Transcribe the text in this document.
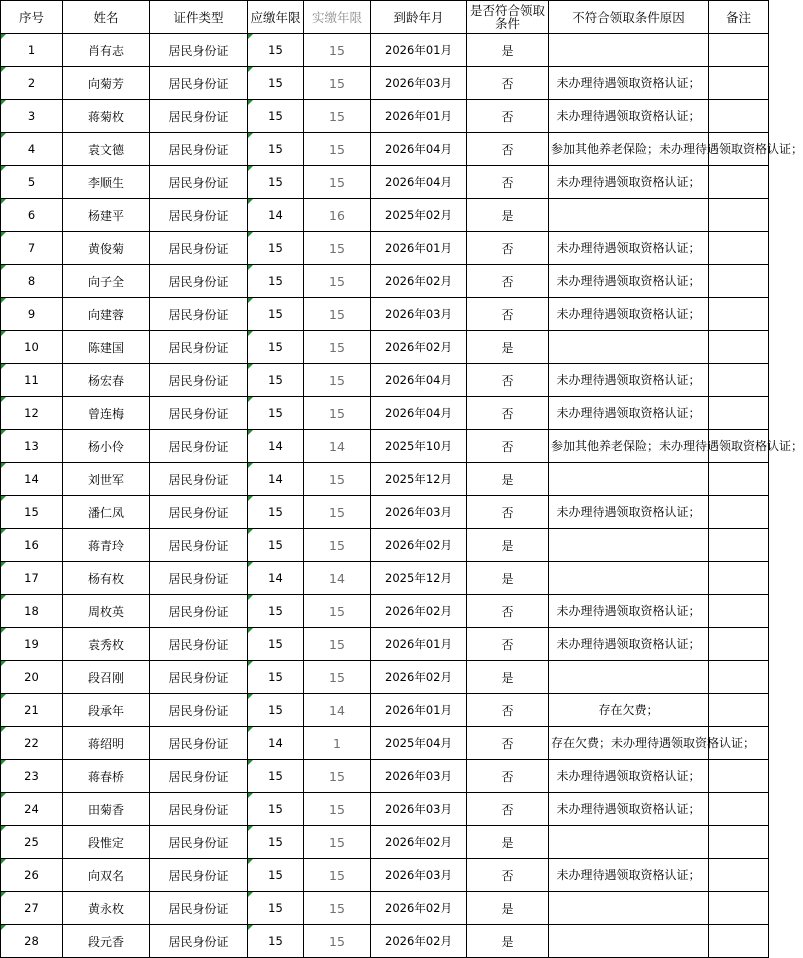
序号	姓名	证件类型	应缴年限	实缴年限	到龄年月	是否符合领取条件	不符合领取条件原因	备注

1	肖有志	居民身份证	15	15	2026年01月	是		

2	向菊芳	居民身份证	15	15	2026年03月	否	未办理待遇领取资格认证；	

3	蒋菊枚	居民身份证	15	15	2026年01月	否	未办理待遇领取资格认证；	

4	袁文德	居民身份证	15	15	2026年04月	否	参加其他养老保险；未办理待遇领取资格认证；	

5	李顺生	居民身份证	15	15	2026年04月	否	未办理待遇领取资格认证；	

6	杨建平	居民身份证	14	16	2025年02月	是		

7	黄俊菊	居民身份证	15	15	2026年01月	否	未办理待遇领取资格认证；	

8	向子全	居民身份证	15	15	2026年02月	否	未办理待遇领取资格认证；	

9	向建蓉	居民身份证	15	15	2026年03月	否	未办理待遇领取资格认证；	

10	陈建国	居民身份证	15	15	2026年02月	是		

11	杨宏春	居民身份证	15	15	2026年04月	否	未办理待遇领取资格认证；	

12	曾连梅	居民身份证	15	15	2026年04月	否	未办理待遇领取资格认证；	

13	杨小伶	居民身份证	14	14	2025年10月	否	参加其他养老保险；未办理待遇领取资格认证；	

14	刘世军	居民身份证	14	15	2025年12月	是		

15	潘仁凤	居民身份证	15	15	2026年03月	否	未办理待遇领取资格认证；	

16	蒋青玲	居民身份证	15	15	2026年02月	是		

17	杨有枚	居民身份证	14	14	2025年12月	是		

18	周枚英	居民身份证	15	15	2026年02月	否	未办理待遇领取资格认证；	

19	袁秀枚	居民身份证	15	15	2026年01月	否	未办理待遇领取资格认证；	

20	段召刚	居民身份证	15	15	2026年02月	是		

21	段承年	居民身份证	15	14	2026年01月	否	存在欠费；	

22	蒋绍明	居民身份证	14	1	2025年04月	否	存在欠费；未办理待遇领取资格认证；	

23	蒋春桥	居民身份证	15	15	2026年03月	否	未办理待遇领取资格认证；	

24	田菊香	居民身份证	15	15	2026年03月	否	未办理待遇领取资格认证；	

25	段惟定	居民身份证	15	15	2026年02月	是		

26	向双名	居民身份证	15	15	2026年03月	否	未办理待遇领取资格认证；	

27	黄永枚	居民身份证	15	15	2026年02月	是		

28	段元香	居民身份证	15	15	2026年02月	是		
